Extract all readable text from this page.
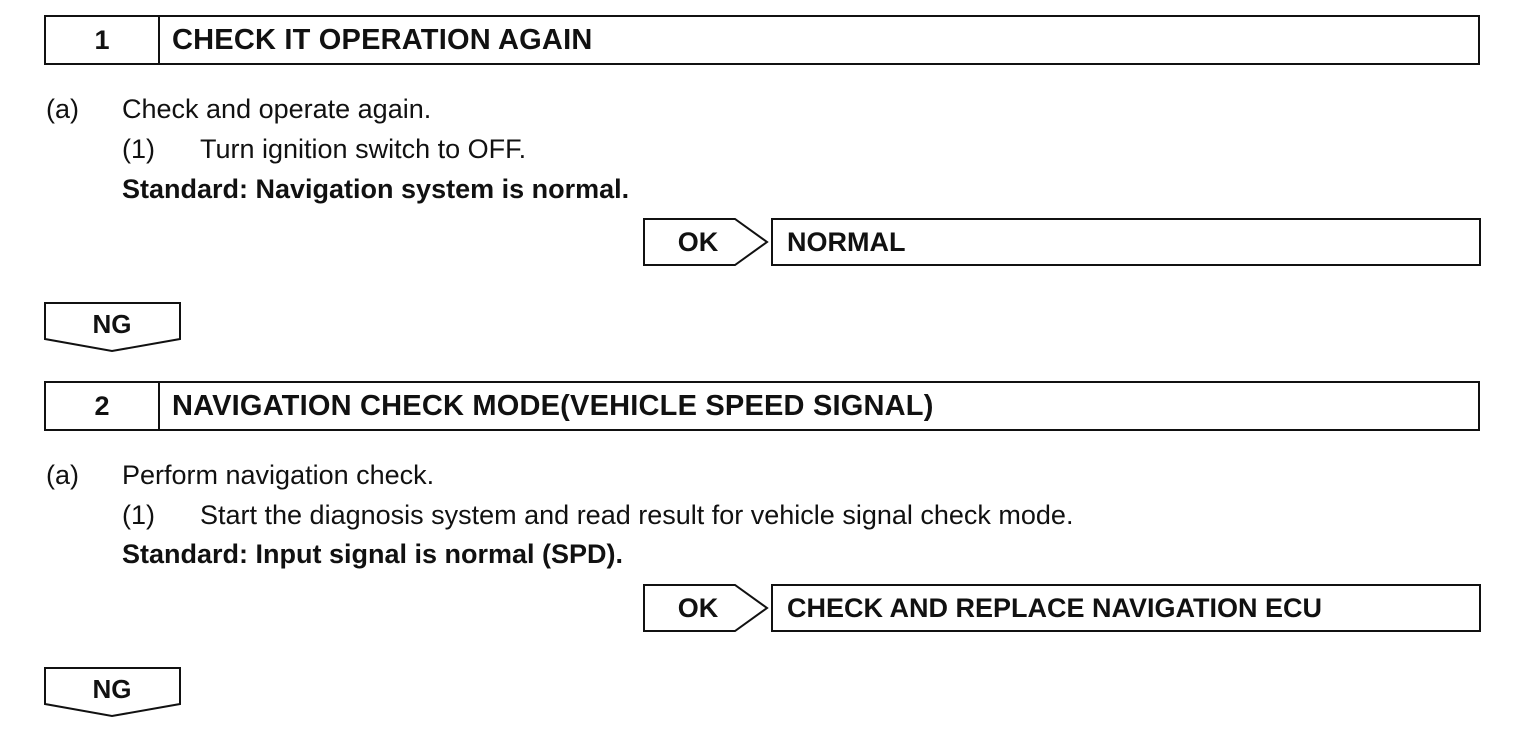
1	CHECK IT OPERATION AGAIN
(a) Check and operate again.
(1) Turn ignition switch to OFF.
Standard: Navigation system is normal.
OK	NORMAL
NG
2	NAVIGATION CHECK MODE(VEHICLE SPEED SIGNAL)
(a) Perform navigation check.
(1) Start the diagnosis system and read result for vehicle signal check mode.
Standard: Input signal is normal (SPD).
OK	CHECK AND REPLACE NAVIGATION ECU
NG
